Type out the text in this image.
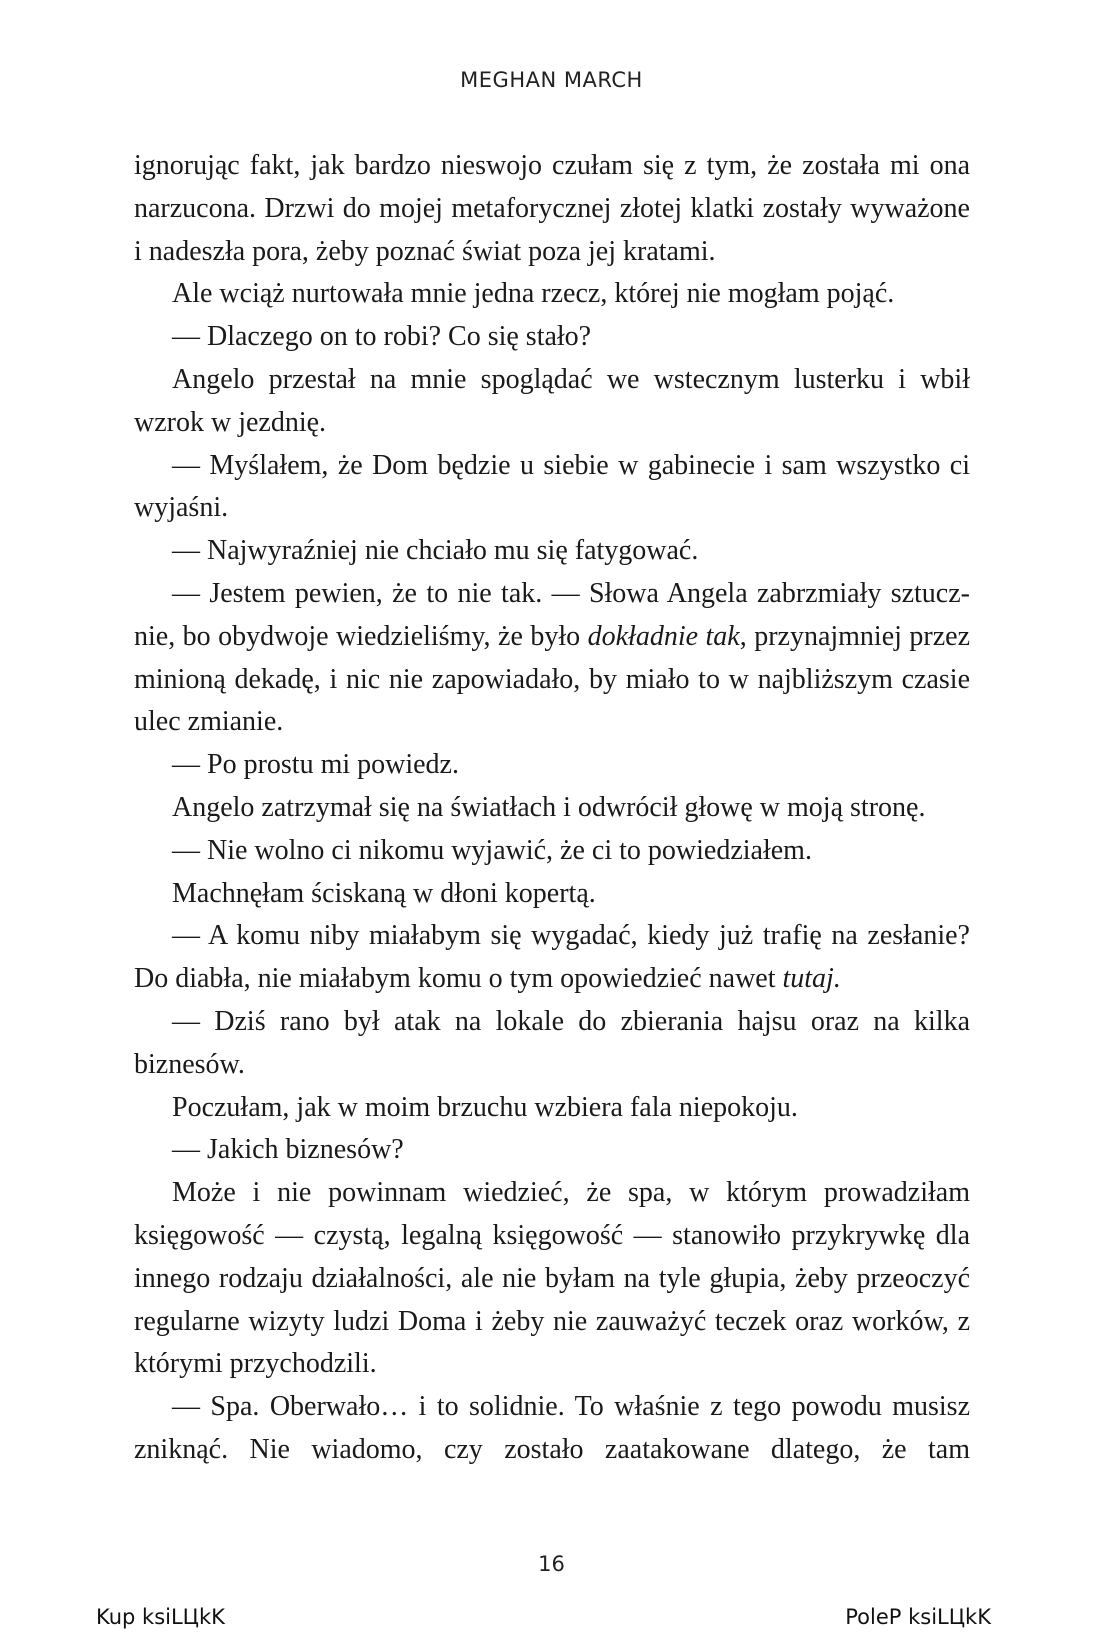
MEGHAN MARCH

ignorując fakt, jak bardzo nieswojo czułam się z tym, że została mi ona narzucona. Drzwi do mojej metaforycznej złotej klatki zostały wyważone i nadeszła pora, żeby poznać świat poza jej kratami.

Ale wciąż nurtowała mnie jedna rzecz, której nie mogłam pojąć.

— Dlaczego on to robi? Co się stało?

Angelo przestał na mnie spoglądać we wstecznym lusterku i wbił wzrok w jezdnię.

— Myślałem, że Dom będzie u siebie w gabinecie i sam wszystko ci wyjaśni.

— Najwyraźniej nie chciało mu się fatygować.

— Jestem pewien, że to nie tak. — Słowa Angela zabrzmiały sztucznie, bo obydwoje wiedzieliśmy, że było dokładnie tak, przynajmniej przez minioną dekadę, i nic nie zapowiadało, by miało to w najbliższym czasie ulec zmianie.

— Po prostu mi powiedz.

Angelo zatrzymał się na światłach i odwrócił głowę w moją stronę.

— Nie wolno ci nikomu wyjawić, że ci to powiedziałem.

Machnęłam ściskaną w dłoni kopertą.

— A komu niby miałabym się wygadać, kiedy już trafię na zesłanie? Do diabła, nie miałabym komu o tym opowiedzieć nawet tutaj.

— Dziś rano był atak na lokale do zbierania hajsu oraz na kilka biznesów.

Poczułam, jak w moim brzuchu wzbiera fala niepokoju.

— Jakich biznesów?

Może i nie powinnam wiedzieć, że spa, w którym prowadziłam księgowość — czystą, legalną księgowość — stanowiło przykrywkę dla innego rodzaju działalności, ale nie byłam na tyle głupia, żeby przeoczyć regularne wizyty ludzi Doma i żeby nie zauważyć teczek oraz worków, z którymi przychodzili.

— Spa. Oberwało… i to solidnie. To właśnie z tego powodu musisz zniknąć. Nie wiadomo, czy zostało zaatakowane dlatego, że tam

16
Kup ksiLЦkK	PoleP ksiLЦkK
